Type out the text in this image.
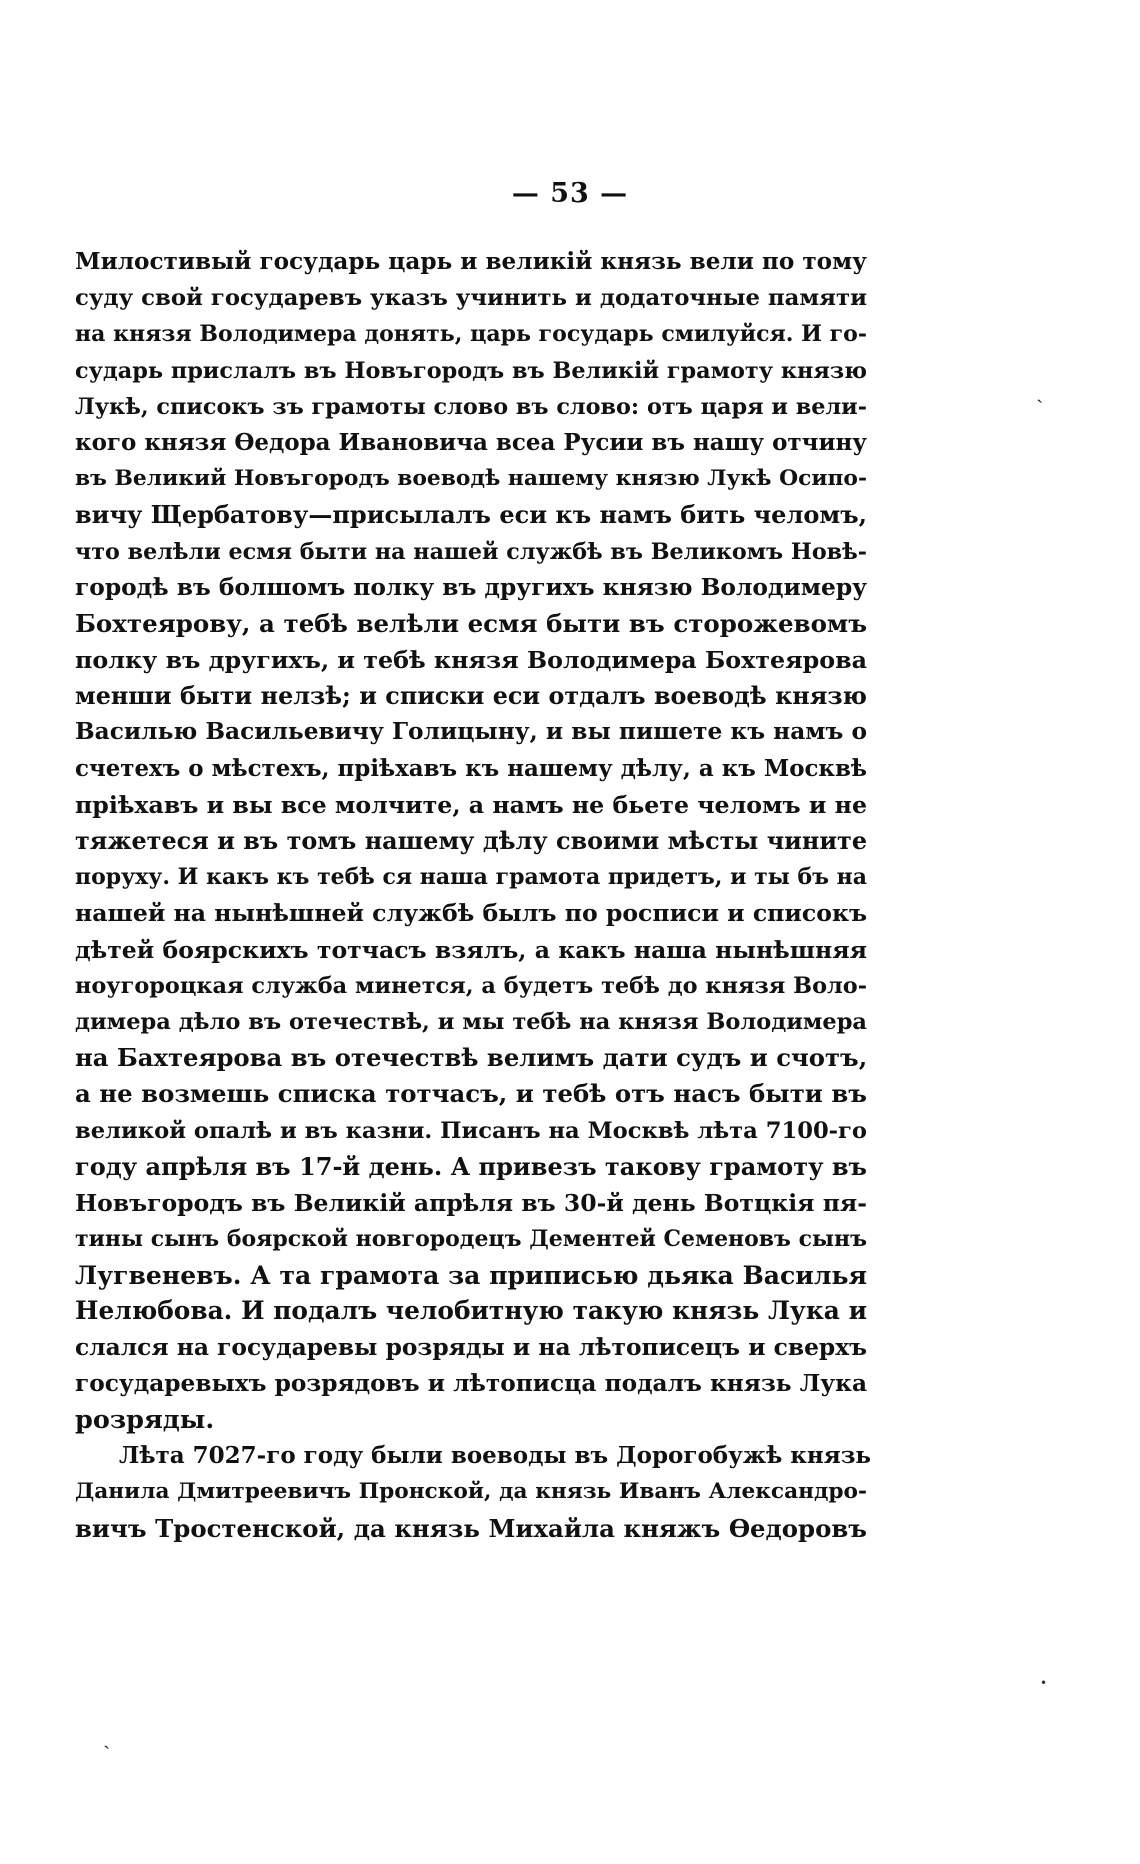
— 53 —
Милостивый государь царь и великій князь вели по тому
суду свой государевъ указъ учинить и додаточные памяти
на князя Володимера донять, царь государь смилуйся. И го-
сударь прислалъ въ Новъгородъ въ Великій грамоту князю
Лукѣ, списокъ зъ грамоты слово въ слово: отъ царя и вели-
кого князя Өедора Ивановича всеа Русии въ нашу отчину
въ Великий Новъгородъ воеводѣ нашему князю Лукѣ Осипо-
вичу Щербатову—присылалъ еси къ намъ бить челомъ,
что велѣли есмя быти на нашей службѣ въ Великомъ Новѣ-
городѣ въ болшомъ полку въ другихъ князю Володимеру
Бохтеярову, а тебѣ велѣли есмя быти въ сторожевомъ
полку въ другихъ, и тебѣ князя Володимера Бохтеярова
менши быти нелзѣ; и списки еси отдалъ воеводѣ князю
Василью Васильевичу Голицыну, и вы пишете къ намъ о
счетехъ о мѣстехъ, пріѣхавъ къ нашему дѣлу, а къ Москвѣ
пріѣхавъ и вы все молчите, а намъ не бьете челомъ и не
тяжетеся и въ томъ нашему дѣлу своими мѣсты чините
поруху. И какъ къ тебѣ ся наша грамота придетъ, и ты бъ на
нашей на нынѣшней службѣ былъ по росписи и списокъ
дѣтей боярскихъ тотчасъ взялъ, а какъ наша нынѣшняя
ноугороцкая служба минется, а будетъ тебѣ до князя Воло-
димера дѣло въ отечествѣ, и мы тебѣ на князя Володимера
на Бахтеярова въ отечествѣ велимъ дати судъ и счотъ,
а не возмешь списка тотчасъ, и тебѣ отъ насъ быти въ
великой опалѣ и въ казни. Писанъ на Москвѣ лѣта 7100-го
году апрѣля въ 17-й день. А привезъ такову грамоту въ
Новъгородъ въ Великій апрѣля въ 30-й день Вотцкія пя-
тины сынъ боярской новгородецъ Дементей Семеновъ сынъ
Лугвеневъ. А та грамота за приписью дьяка Василья
Нелюбова. И подалъ челобитную такую князь Лука и
слался на государевы розряды и на лѣтописецъ и сверхъ
государевыхъ розрядовъ и лѣтописца подалъ князь Лука
розряды.
Лѣта 7027-го году были воеводы въ Дорогобужѣ князь
Данила Дмитреевичъ Пронской, да князь Иванъ Александро-
вичъ Тростенской, да князь Михайла княжъ Өедоровъ
ˏ
•
ˏ
